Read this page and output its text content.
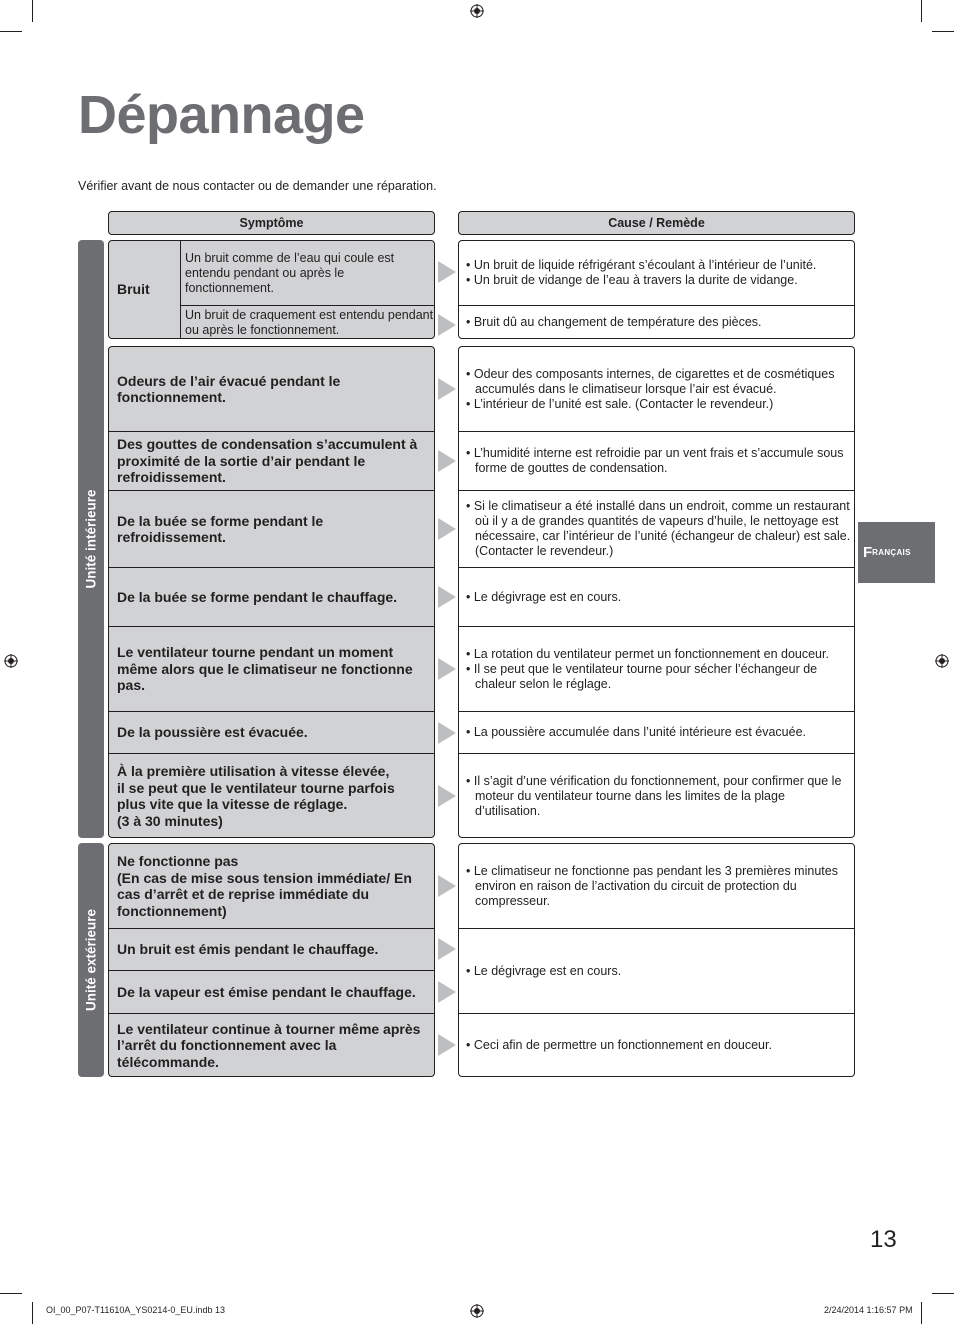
Dépannage
Vérifier avant de nous contacter ou de demander une réparation.
Symptôme	Cause / Remède
Unité intérieure
Unité extérieure
F RANÇAIS
Bruit
Un bruit comme de l’eau qui coule est entendu pendant ou après le fonctionnement.
Un bruit de craquement est entendu pendant ou après le fonctionnement.
Odeurs de l’air évacué pendant le fonctionnement.
Des gouttes de condensation s’accumulent à proximité de la sortie d’air pendant le refroidissement.
De la buée se forme pendant le refroidissement.
De la buée se forme pendant le chauffage.
Le ventilateur tourne pendant un moment même alors que le climatiseur ne fonctionne pas.
De la poussière est évacuée.
À la première utilisation à vitesse élevée,
il se peut que le ventilateur tourne parfois plus vite que la vitesse de réglage.
(3 à 30 minutes)
Ne fonctionne pas
(En cas de mise sous tension immédiate/ En cas d’arrêt et de reprise immédiate du fonctionnement)
Un bruit est émis pendant le chauffage.
De la vapeur est émise pendant le chauffage.
Le ventilateur continue à tourner même après l’arrêt du fonctionnement avec la télécommande.
• Un bruit de liquide réfrigérant s’écoulant à l’intérieur de l’unité.
• Un bruit de vidange de l’eau à travers la durite de vidange.
• Bruit dû au changement de température des pièces.
• Odeur des composants internes, de cigarettes et de cosmétiques accumulés dans le climatiseur lorsque l’air est évacué.
• L’intérieur de l’unité est sale. (Contacter le revendeur.)
• L’humidité interne est refroidie par un vent frais et s’accumule sous forme de gouttes de condensation.
• Si le climatiseur a été installé dans un endroit, comme un restaurant où il y a de grandes quantités de vapeurs d’huile, le nettoyage est nécessaire, car l’intérieur de l’unité (échangeur de chaleur) est sale. (Contacter le revendeur.)
• Le dégivrage est en cours.
• La rotation du ventilateur permet un fonctionnement en douceur.
• Il se peut que le ventilateur tourne pour sécher l’échangeur de chaleur selon le réglage.
• La poussière accumulée dans l’unité intérieure est évacuée.
• Il s’agit d’une vérification du fonctionnement, pour confirmer que le moteur du ventilateur tourne dans les limites de la plage d’utilisation.
• Le climatiseur ne fonctionne pas pendant les 3 premières minutes environ en raison de l’activation du circuit de protection du compresseur.
• Le dégivrage est en cours.
• Ceci afin de permettre un fonctionnement en douceur.
13
OI_00_P07-T11610A_YS0214-0_EU.indb 13	2/24/2014 1:16:57 PM
